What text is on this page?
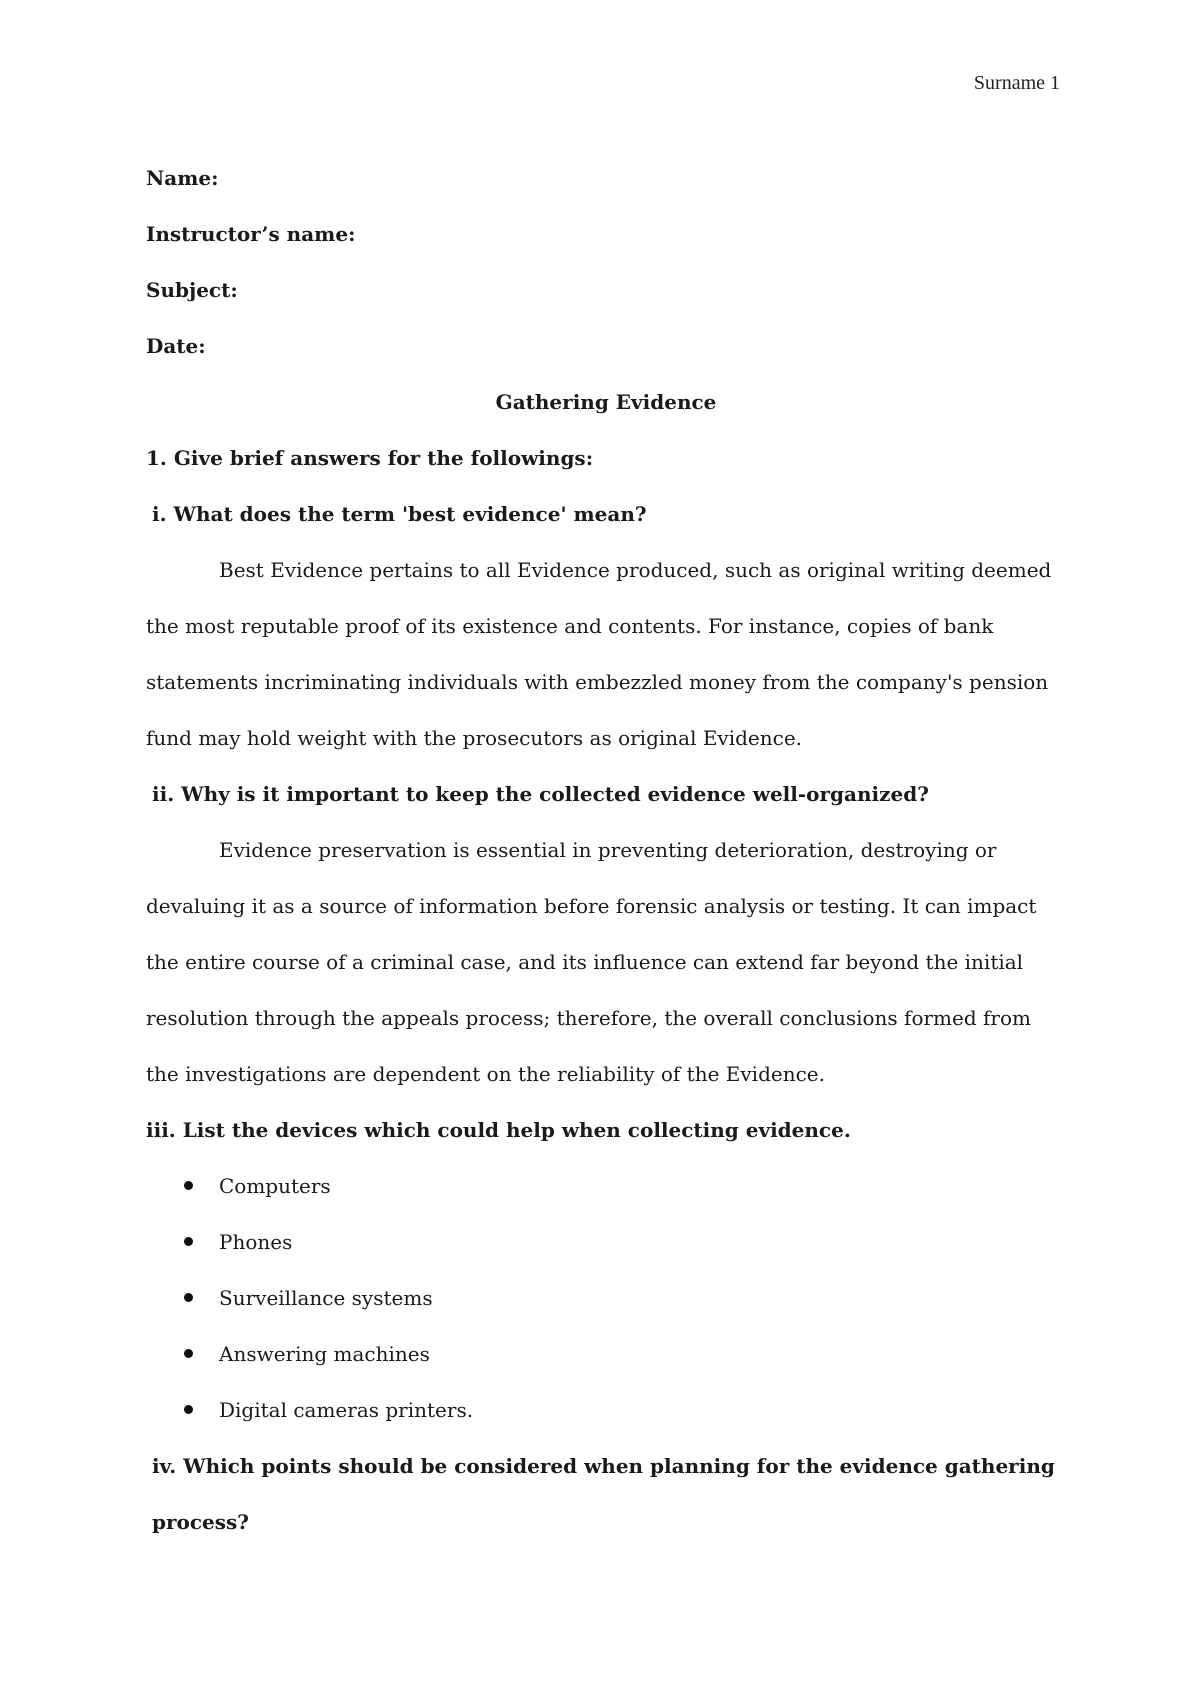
Surname 1

Name:

Instructor’s name:

Subject:

Date:

Gathering Evidence

1. Give brief answers for the followings:

i. What does the term 'best evidence' mean?

Best Evidence pertains to all Evidence produced, such as original writing deemed the most reputable proof of its existence and contents. For instance, copies of bank statements incriminating individuals with embezzled money from the company's pension fund may hold weight with the prosecutors as original Evidence.

ii. Why is it important to keep the collected evidence well-organized?

Evidence preservation is essential in preventing deterioration, destroying or devaluing it as a source of information before forensic analysis or testing. It can impact the entire course of a criminal case, and its influence can extend far beyond the initial resolution through the appeals process; therefore, the overall conclusions formed from the investigations are dependent on the reliability of the Evidence.

iii. List the devices which could help when collecting evidence.

Computers
Phones
Surveillance systems
Answering machines
Digital cameras printers.

iv. Which points should be considered when planning for the evidence gathering process?
